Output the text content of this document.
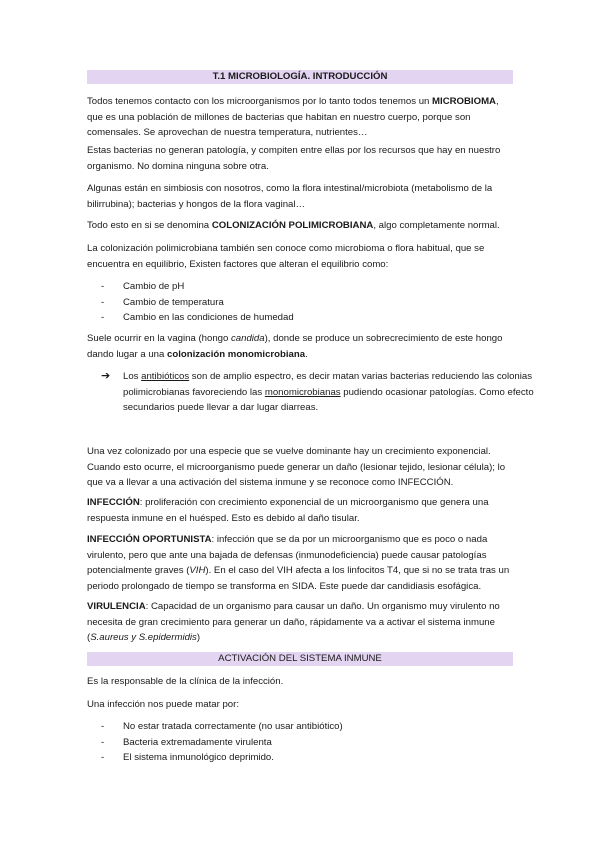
T.1 MICROBIOLOGÍA. INTRODUCCIÓN
Todos tenemos contacto con los microorganismos por lo tanto todos tenemos un MICROBIOMA, que es una población de millones de bacterias que habitan en nuestro cuerpo, porque son comensales. Se aprovechan de nuestra temperatura, nutrientes…
Estas bacterias no generan patología, y compiten entre ellas por los recursos que hay en nuestro organismo. No domina ninguna sobre otra.
Algunas están en simbiosis con nosotros, como la flora intestinal/microbiota (metabolismo de la bilirrubina); bacterias y hongos de la flora vaginal…
Todo esto en si se denomina COLONIZACIÓN POLIMICROBIANA, algo completamente normal.
La colonización polimicrobiana también sen conoce como microbioma o flora habitual, que se encuentra en equilibrio, Existen factores que alteran el equilibrio como:
- Cambio de pH
- Cambio de temperatura
- Cambio en las condiciones de humedad
Suele ocurrir en la vagina (hongo candida), donde se produce un sobrecrecimiento de este hongo dando lugar a una colonización monomicrobiana.
➔ Los antibióticos son de amplio espectro, es decir matan varias bacterias reduciendo las colonias polimicrobianas favoreciendo las monomicrobianas pudiendo ocasionar patologías. Como efecto secundarios puede llevar a dar lugar diarreas.
Una vez colonizado por una especie que se vuelve dominante hay un crecimiento exponencial. Cuando esto ocurre, el microorganismo puede generar un daño (lesionar tejido, lesionar célula); lo que va a llevar a una activación del sistema inmune y se reconoce como INFECCIÓN.
INFECCIÓN: proliferación con crecimiento exponencial de un microorganismo que genera una respuesta inmune en el huésped. Esto es debido al daño tisular.
INFECCIÓN OPORTUNISTA: infección que se da por un microorganismo que es poco o nada virulento, pero que ante una bajada de defensas (inmunodeficiencia) puede causar patologías potencialmente graves (VIH). En el caso del VIH afecta a los linfocitos T4, que si no se trata tras un periodo prolongado de tiempo se transforma en SIDA. Este puede dar candidiasis esofágica.
VIRULENCIA: Capacidad de un organismo para causar un daño. Un organismo muy virulento no necesita de gran crecimiento para generar un daño, rápidamente va a activar el sistema inmune (S.aureus y S.epidermidis)
ACTIVACIÓN DEL SISTEMA INMUNE
Es la responsable de la clínica de la infección.
Una infección nos puede matar por:
- No estar tratada correctamente (no usar antibiótico)
- Bacteria extremadamente virulenta
- El sistema inmunológico deprimido.
